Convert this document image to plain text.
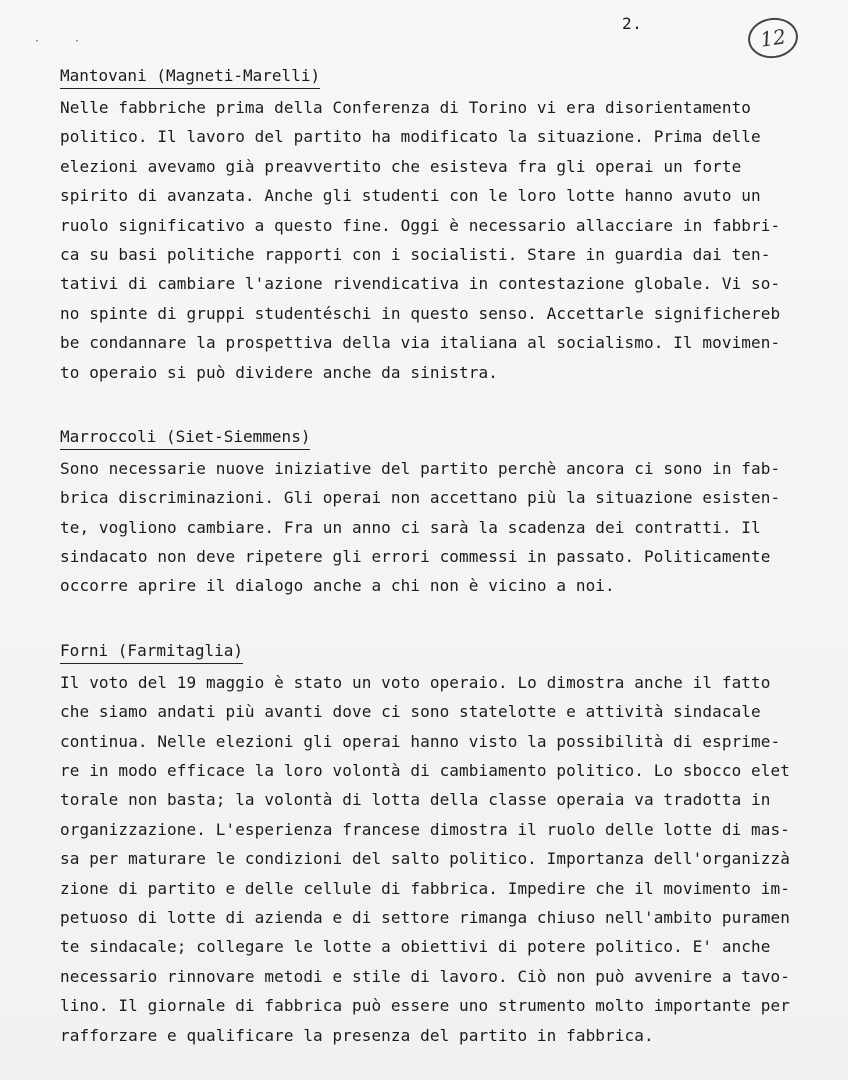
· ·
2.
12
Mantovani (Magneti-Marelli)
Nelle fabbriche prima della Conferenza di Torino vi era disorientamento
politico. Il lavoro del partito ha modificato la situazione. Prima delle
elezioni avevamo già preavvertito che esisteva fra gli operai un forte
spirito di avanzata. Anche gli studenti con le loro lotte hanno avuto un
ruolo significativo a questo fine. Oggi è necessario allacciare in fabbri-
ca su basi politiche rapporti con i socialisti. Stare in guardia dai ten-
tativi di cambiare l'azione rivendicativa in contestazione globale. Vi so-
no spinte di gruppi studentéschi in questo senso. Accettarle significhereb
be condannare la prospettiva della via italiana al socialismo. Il movimen-
to operaio si può dividere anche da sinistra.
Marroccoli (Siet-Siemmens)
Sono necessarie nuove iniziative del partito perchè ancora ci sono in fab-
brica discriminazioni. Gli operai non accettano più la situazione esisten-
te, vogliono cambiare. Fra un anno ci sarà la scadenza dei contratti. Il
sindacato non deve ripetere gli errori commessi in passato. Politicamente
occorre aprire il dialogo anche a chi non è vicino a noi.
Forni (Farmitaglia)
Il voto del 19 maggio è stato un voto operaio. Lo dimostra anche il fatto
che siamo andati più avanti dove ci sono statelotte e attività sindacale
continua. Nelle elezioni gli operai hanno visto la possibilità di esprime-
re in modo efficace la loro volontà di cambiamento politico. Lo sbocco elet
torale non basta; la volontà di lotta della classe operaia va tradotta in
organizzazione. L'esperienza francese dimostra il ruolo delle lotte di mas-
sa per maturare le condizioni del salto politico. Importanza dell'organizzà
zione di partito e delle cellule di fabbrica. Impedire che il movimento im-
petuoso di lotte di azienda e di settore rimanga chiuso nell'ambito puramen
te sindacale; collegare le lotte a obiettivi di potere politico. E' anche
necessario rinnovare metodi e stile di lavoro. Ciò non può avvenire a tavo-
lino. Il giornale di fabbrica può essere uno strumento molto importante per
rafforzare e qualificare la presenza del partito in fabbrica.
